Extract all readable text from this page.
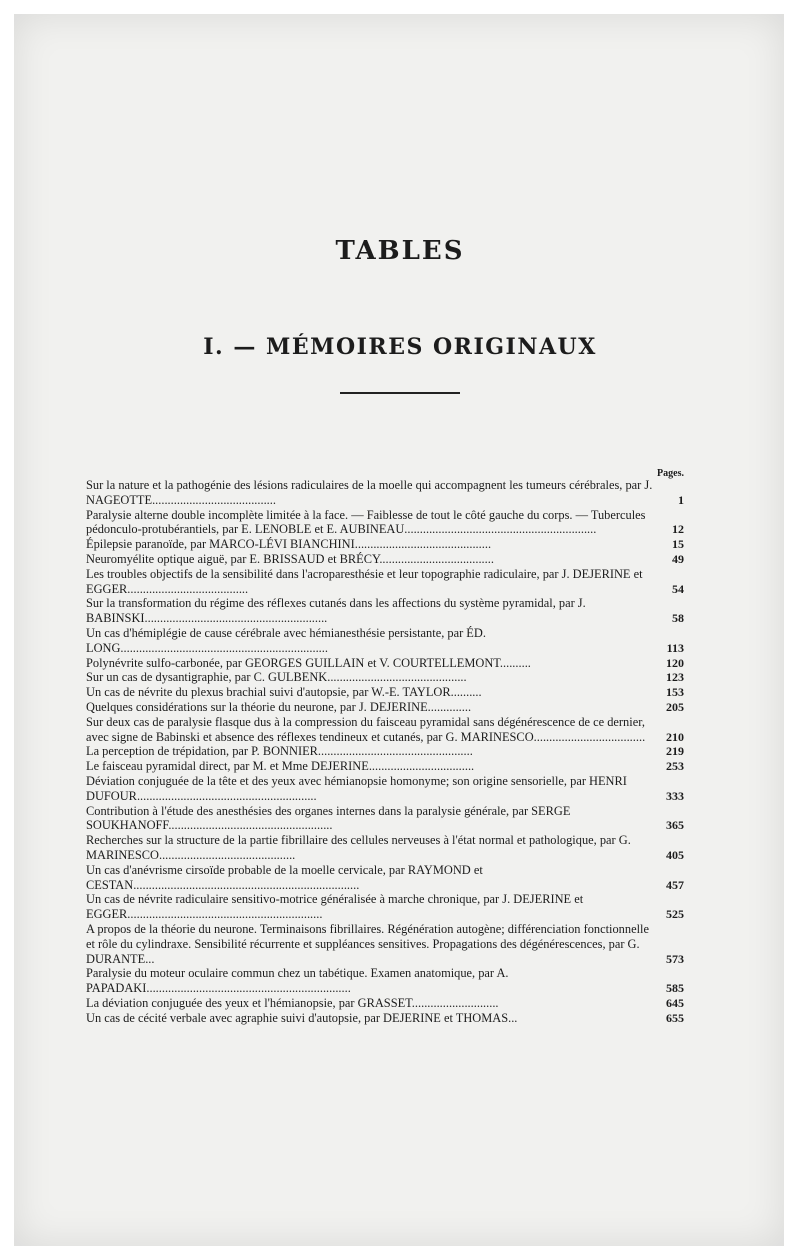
TABLES
I. — MÉMOIRES ORIGINAUX
Pages.
Sur la nature et la pathogénie des lésions radiculaires de la moelle qui accompagnent les tumeurs cérébrales, par J. NAGEOTTE........................................	1
Paralysie alterne double incomplète limitée à la face. — Faiblesse de tout le côté gauche du corps. — Tubercules pédonculo-protubérantiels, par E. LENOBLE et E. AUBINEAU..............................................................	12
Épilepsie paranoïde, par MARCO-LÉVI BIANCHINI............................................	15
Neuromyélite optique aiguë, par E. BRISSAUD et BRÉCY.....................................	49
Les troubles objectifs de la sensibilité dans l'acroparesthésie et leur topographie radiculaire, par J. DEJERINE et EGGER.......................................	54
Sur la transformation du régime des réflexes cutanés dans les affections du système pyramidal, par J. BABINSKI...........................................................	58
Un cas d'hémiplégie de cause cérébrale avec hémianesthésie persistante, par ÉD. LONG...................................................................	113
Polynévrite sulfo-carbonée, par GEORGES GUILLAIN et V. COURTELLEMONT..........	120
Sur un cas de dysantigraphie, par C. GULBENK.............................................	123
Un cas de névrite du plexus brachial suivi d'autopsie, par W.-E. TAYLOR..........	153
Quelques considérations sur la théorie du neurone, par J. DEJERINE..............	205
Sur deux cas de paralysie flasque dus à la compression du faisceau pyramidal sans dégénérescence de ce dernier, avec signe de Babinski et absence des réflexes tendineux et cutanés, par G. MARINESCO....................................	210
La perception de trépidation, par P. BONNIER..................................................	219
Le faisceau pyramidal direct, par M. et Mme DEJERINE..................................	253
Déviation conjuguée de la tête et des yeux avec hémianopsie homonyme; son origine sensorielle, par HENRI DUFOUR..........................................................	333
Contribution à l'étude des anesthésies des organes internes dans la paralysie générale, par SERGE SOUKHANOFF.....................................................	365
Recherches sur la structure de la partie fibrillaire des cellules nerveuses à l'état normal et pathologique, par G. MARINESCO............................................	405
Un cas d'anévrisme cirsoïde probable de la moelle cervicale, par RAYMOND et CESTAN.........................................................................	457
Un cas de névrite radiculaire sensitivo-motrice généralisée à marche chronique, par J. DEJERINE et EGGER...............................................................	525
A propos de la théorie du neurone. Terminaisons fibrillaires. Régénération autogène; différenciation fonctionnelle et rôle du cylindraxe. Sensibilité récurrente et suppléances sensitives. Propagations des dégénérescences, par G. DURANTE...	573
Paralysie du moteur oculaire commun chez un tabétique. Examen anatomique, par A. PAPADAKI..................................................................	585
La déviation conjuguée des yeux et l'hémianopsie, par GRASSET............................	645
Un cas de cécité verbale avec agraphie suivi d'autopsie, par DEJERINE et THOMAS...	655
